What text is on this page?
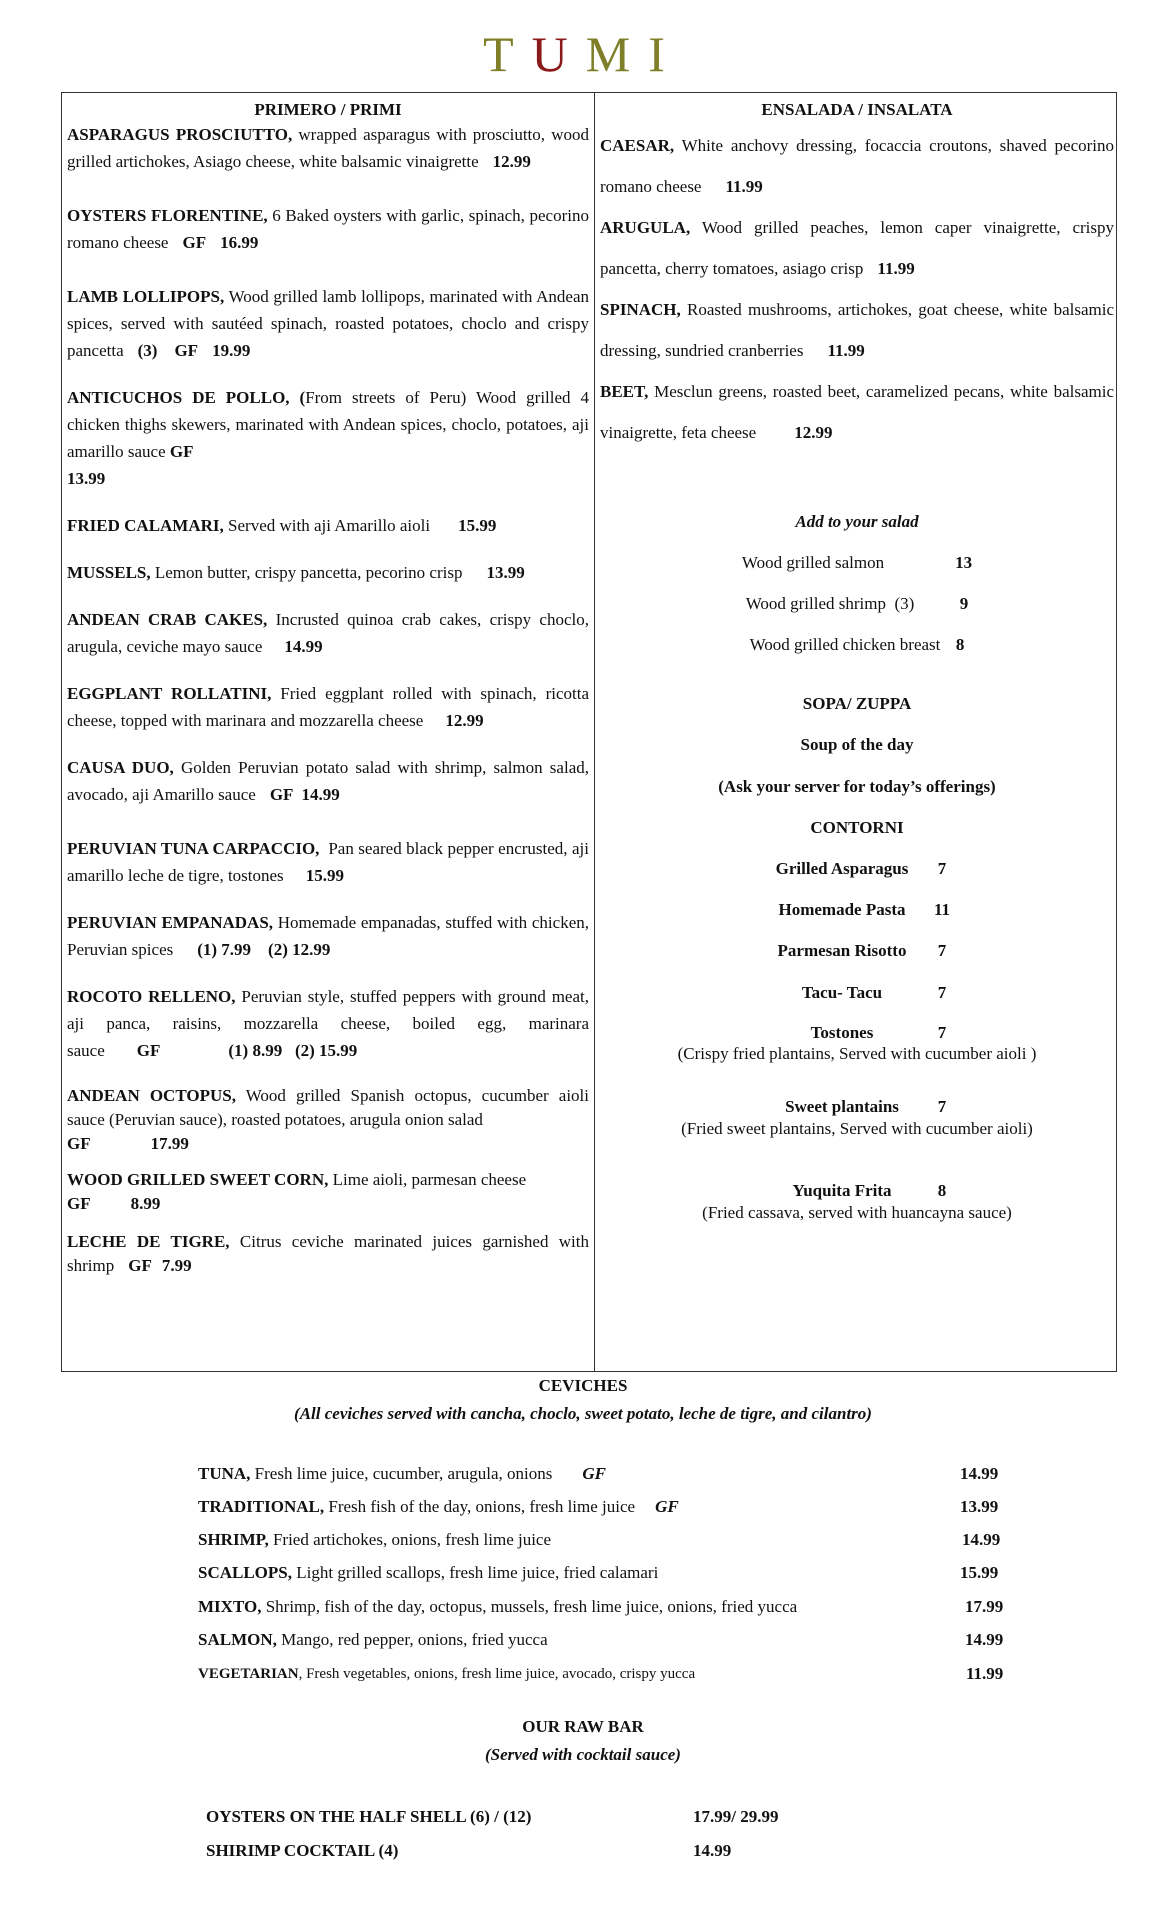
TUMI
PRIMERO / PRIMI
ASPARAGUS PROSCIUTTO, wrapped asparagus with prosciutto, wood grilled artichokes, Asiago cheese, white balsamic vinaigrette 12.99
OYSTERS FLORENTINE, 6 Baked oysters with garlic, spinach, pecorino romano cheese GF 16.99
LAMB LOLLIPOPS, Wood grilled lamb lollipops, marinated with Andean spices, served with sautéed spinach, roasted potatoes, choclo and crispy pancetta (3)    GF 19.99
ANTICUCHOS DE POLLO, (From streets of Peru) Wood grilled 4 chicken thighs skewers, marinated with Andean spices, choclo, potatoes, aji amarillo sauce GF
13.99
FRIED CALAMARI, Served with aji Amarillo aioli 15.99
MUSSELS, Lemon butter, crispy pancetta, pecorino crisp 13.99
ANDEAN CRAB CAKES, Incrusted quinoa crab cakes, crispy choclo, arugula, ceviche mayo sauce 14.99
EGGPLANT ROLLATINI, Fried eggplant rolled with spinach, ricotta cheese, topped with marinara and mozzarella cheese 12.99
CAUSA DUO, Golden Peruvian potato salad with shrimp, salmon salad, avocado, aji Amarillo sauce GF 14.99
PERUVIAN TUNA CARPACCIO,  Pan seared black pepper encrusted, aji amarillo leche de tigre, tostones 15.99
PERUVIAN EMPANADAS, Homemade empanadas, stuffed with chicken, Peruvian spices (1) 7.99    (2) 12.99
ROCOTO RELLENO, Peruvian style, stuffed peppers with ground meat, aji panca, raisins, mozzarella cheese, boiled egg, marinara sauce GF	(1) 8.99   (2) 15.99
ANDEAN OCTOPUS, Wood grilled Spanish octopus, cucumber aioli sauce (Peruvian sauce), roasted potatoes, arugula onion salad
GF	17.99
WOOD GRILLED SWEET CORN, Lime aioli, parmesan cheese
GF 8.99
LECHE DE TIGRE, Citrus ceviche marinated juices garnished with shrimp GF 7.99
ENSALADA / INSALATA
CAESAR, White anchovy dressing, focaccia croutons, shaved pecorino romano cheese 11.99
ARUGULA, Wood grilled peaches, lemon caper vinaigrette, crispy pancetta, cherry tomatoes, asiago crisp 11.99
SPINACH, Roasted mushrooms, artichokes, goat cheese, white balsamic dressing, sundried cranberries 11.99
BEET, Mesclun greens, roasted beet, caramelized pecans, white balsamic vinaigrette, feta cheese 12.99
Add to your salad
Wood grilled salmon	13
Wood grilled shrimp  (3)	9
Wood grilled chicken breast 8
SOPA/ ZUPPA
Soup of the day
(Ask your server for today’s offerings)
CONTORNI
Grilled Asparagus 7
Homemade Pasta 11
Parmesan Risotto 7
Tacu- Tacu	7
Tostones	7
(Crispy fried plantains, Served with cucumber aioli )
Sweet plantains 7
(Fried sweet plantains, Served with cucumber aioli)
Yuquita Frita	8
(Fried cassava, served with huancayna sauce)
CEVICHES
(All ceviches served with cancha, choclo, sweet potato, leche de tigre, and cilantro)
TUNA, Fresh lime juice, cucumber, arugula, onions GF	14.99
TRADITIONAL, Fresh fish of the day, onions, fresh lime juice GF	13.99
SHRIMP, Fried artichokes, onions, fresh lime juice	14.99
SCALLOPS, Light grilled scallops, fresh lime juice, fried calamari	15.99
MIXTO, Shrimp, fish of the day, octopus, mussels, fresh lime juice, onions, fried yucca	17.99
SALMON, Mango, red pepper, onions, fried yucca	14.99
VEGETARIAN, Fresh vegetables, onions, fresh lime juice, avocado, crispy yucca	11.99
OUR RAW BAR
(Served with cocktail sauce)
OYSTERS ON THE HALF SHELL (6) / (12)	17.99/ 29.99
SHIRIMP COCKTAIL (4)	14.99
